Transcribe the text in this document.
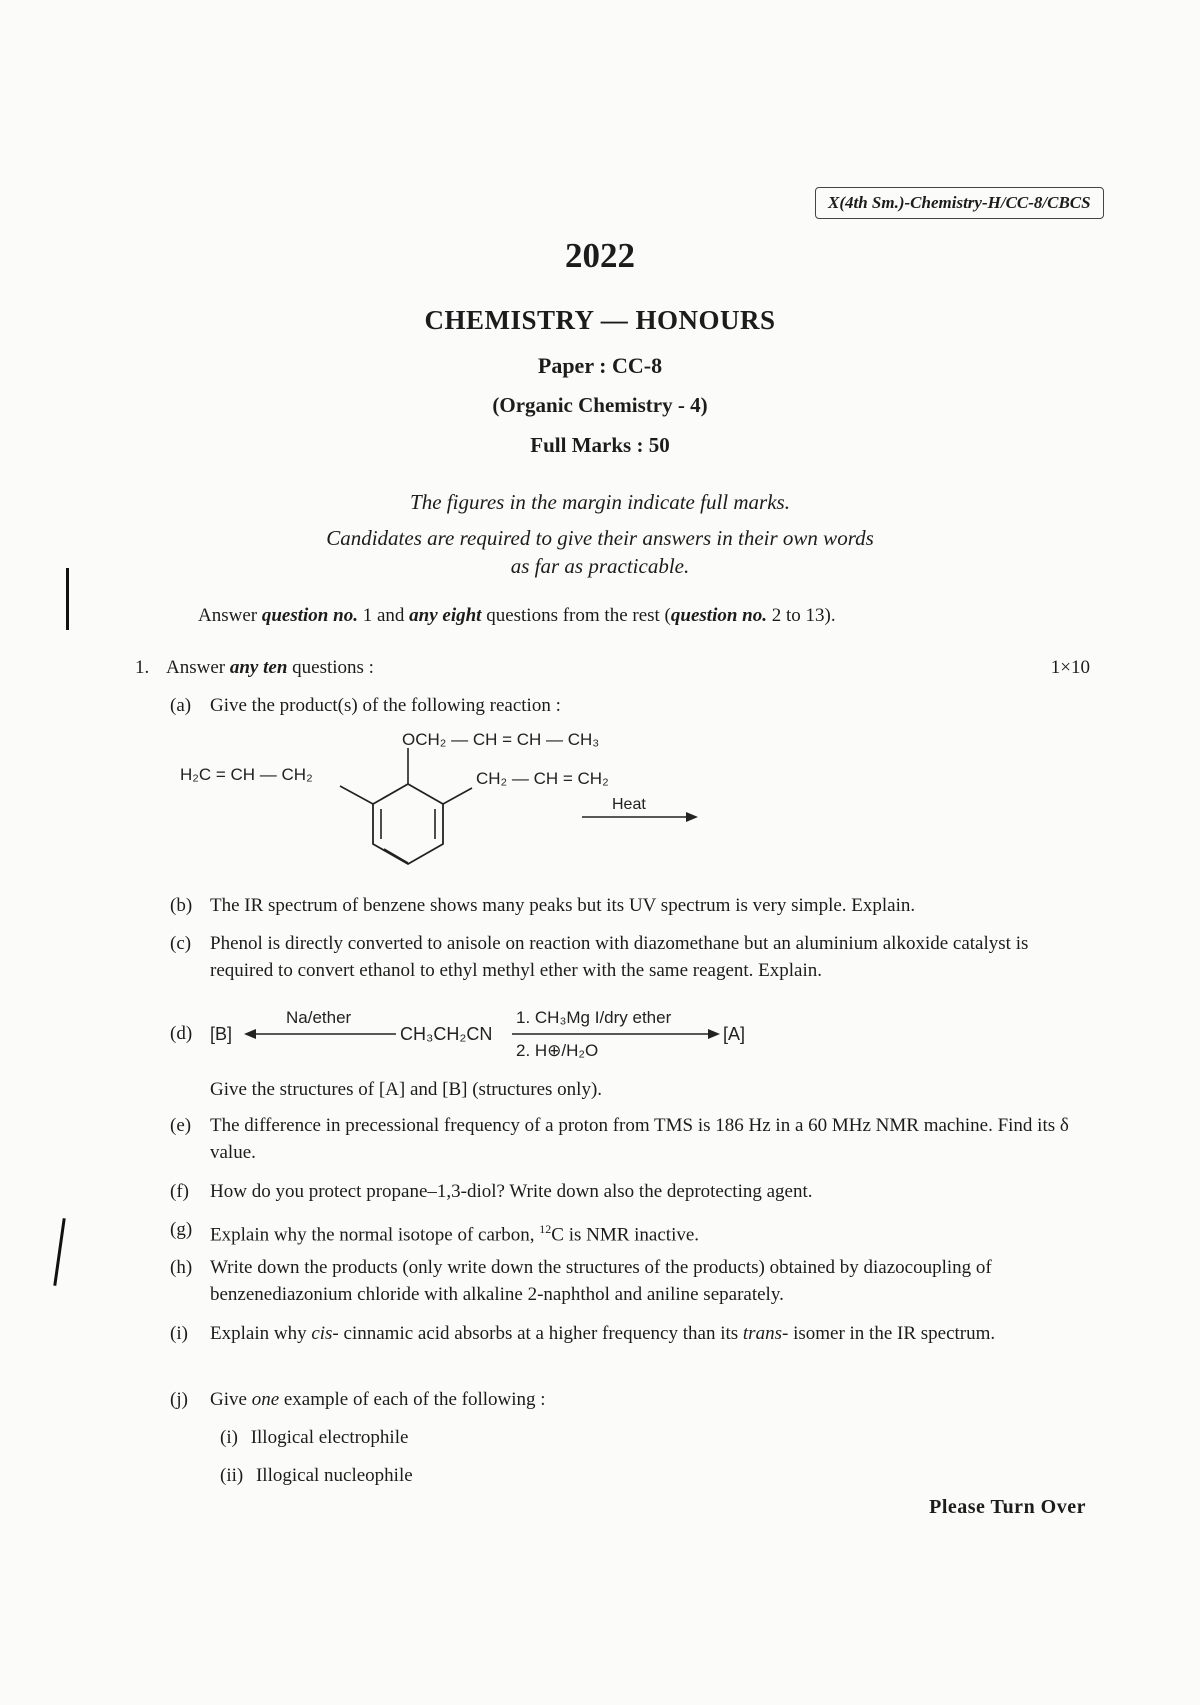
X(4th Sm.)-Chemistry-H/CC-8/CBCS
2022
CHEMISTRY — HONOURS
Paper : CC-8
(Organic Chemistry - 4)
Full Marks : 50
The figures in the margin indicate full marks.
Candidates are required to give their answers in their own words
as far as practicable.
Answer question no. 1 and any eight questions from the rest (question no. 2 to 13).
1. Answer any ten questions :	1×10
(a) Give the product(s) of the following reaction :
OCH₂ — CH = CH — CH₃
H₂C = CH — CH₂	CH₂ — CH = CH₂
Heat
(b) The IR spectrum of benzene shows many peaks but its UV spectrum is very simple. Explain.
(c) Phenol is directly converted to anisole on reaction with diazomethane but an aluminium alkoxide catalyst is required to convert ethanol to ethyl methyl ether with the same reagent. Explain.
(d) [B]
Na/ether
CH₃CH₂CN
1. CH₃Mg I/dry ether
2. H⊕/H₂O
[A]
Give the structures of [A] and [B] (structures only).
(e) The difference in precessional frequency of a proton from TMS is 186 Hz in a 60 MHz NMR machine. Find its δ value.
(f) How do you protect propane–1,3-diol? Write down also the deprotecting agent.
(g) Explain why the normal isotope of carbon, $^{12}$C is NMR inactive.
(h) Write down the products (only write down the structures of the products) obtained by diazocoupling of benzenediazonium chloride with alkaline 2-naphthol and aniline separately.
(i) Explain why cis- cinnamic acid absorbs at a higher frequency than its trans- isomer in the IR spectrum.
(j) Give one example of each of the following :
(i) Illogical electrophile
(ii) Illogical nucleophile
Please Turn Over
